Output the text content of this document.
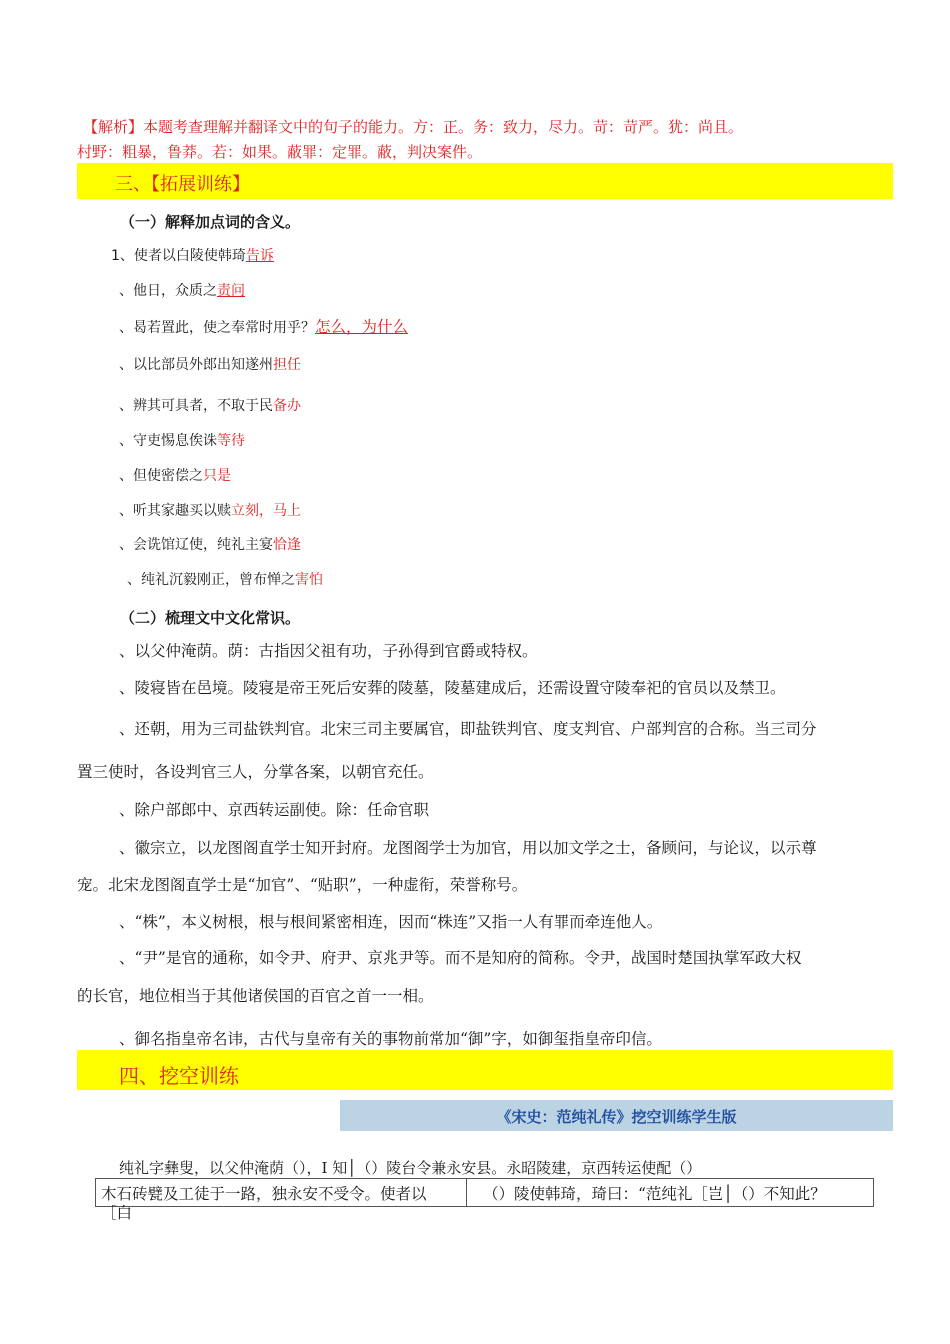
【解析】本题考查理解并翻译文中的句子的能力。方：正。务：致力，尽力。苛：苛严。犹：尚且。
村野：粗暴，鲁莽。若：如果。蔽罪：定罪。蔽，判决案件。
三、【拓展训练】
（一）解释加点词的含义。
1、使者以白陵使韩琦告诉
、他日，众质之责问
、曷若置此，使之奉常时用乎？怎么，为什么
、以比部员外郎出知遂州担任
、辨其可具者，不取于民备办
、守吏惕息俟诛等待
、但使密偿之只是
、听其家趣买以赎立刻，马上
、会诜馆辽使，纯礼主宴恰逢
、纯礼沉毅刚正，曾布惮之害怕
（二）梳理文中文化常识。
、以父仲淹荫。荫：古指因父祖有功，子孙得到官爵或特权。
、陵寝皆在邑境。陵寝是帝王死后安葬的陵墓，陵墓建成后，还需设置守陵奉祀的官员以及禁卫。
、还朝，用为三司盐铁判官。北宋三司主要属官，即盐铁判官、度支判官、户部判宫的合称。当三司分
置三使时，各设判官三人，分掌各案，以朝官充任。
、除户部郎中、京西转运副使。除：任命官职
、徽宗立，以龙图阁直学士知开封府。龙图阁学士为加官，用以加文学之士，备顾问，与论议，以示尊
宠。北宋龙图阁直学士是“加官”、“贴职”，一种虚衔，荣誉称号。
、“株”，本义树根，根与根间紧密相连，因而“株连”又指一人有罪而牵连他人。
、“尹”是官的通称，如令尹、府尹、京兆尹等。而不是知府的简称。令尹，战国时楚国执掌军政大权
的长官，地位相当于其他诸侯国的百官之首一一相。
、御名指皇帝名讳，古代与皇帝有关的事物前常加“御”字，如御玺指皇帝印信。
四、挖空训练
《宋史：范纯礼传》挖空训练学生版
纯礼字彝叟，以父仲淹荫（），I 知│（）陵台令兼永安县。永昭陵建，京西转运使配（）
木石砖甓及工徒于一路，独永安不受令。使者以
［白
（）陵使韩琦，琦曰：“范纯礼［岂│（）不知此？
